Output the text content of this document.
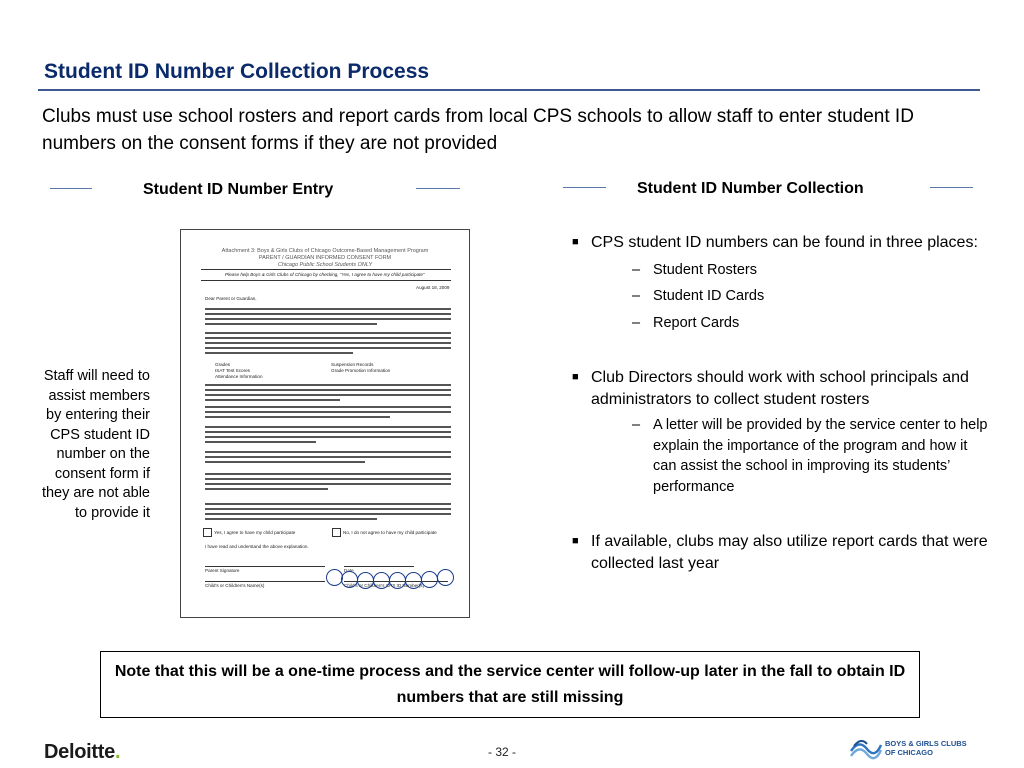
Student ID Number Collection Process
Clubs must use school rosters and report cards from local CPS schools to allow staff to enter student ID numbers on the consent forms if they are not provided
Student ID Number Entry	Student ID Number Collection
Staff will need to assist members by entering their CPS student ID number on the consent form if they are not able to provide it
Attachment 3: Boys & Girls Clubs of Chicago Outcome-Based Management Program
PARENT / GUARDIAN INFORMED CONSENT FORM
Chicago Public School Students ONLY
Please help Boys & Girls Clubs of Chicago by checking, "Yes, I agree to have my child participate"
August 18, 2009
Dear Parent or Guardian,
Grades
ISAT Test Scores
Attendance Information
Suspension Records
Grade Promotion Information
Yes, I agree to have my child participate	No, I do not agree to have my child participate
I have read and understand the above explanation.
Parent Signature	Date
Child's or Children's Name(s)	Child's or Children's CPS ID Number(s)
■ CPS student ID numbers can be found in three places:
– Student Rosters
– Student ID Cards
– Report Cards
■ Club Directors should work with school principals and administrators to collect student rosters
– A letter will be provided by the service center to help explain the importance of the program and how it can assist the school in improving its students’ performance
■ If available, clubs may also utilize report cards that were collected last year
Note that this will be a one-time process and the service center will follow-up later in the fall to obtain ID numbers that are still missing
Deloitte.	- 32 -
BOYS & GIRLS CLUBS
OF CHICAGO
